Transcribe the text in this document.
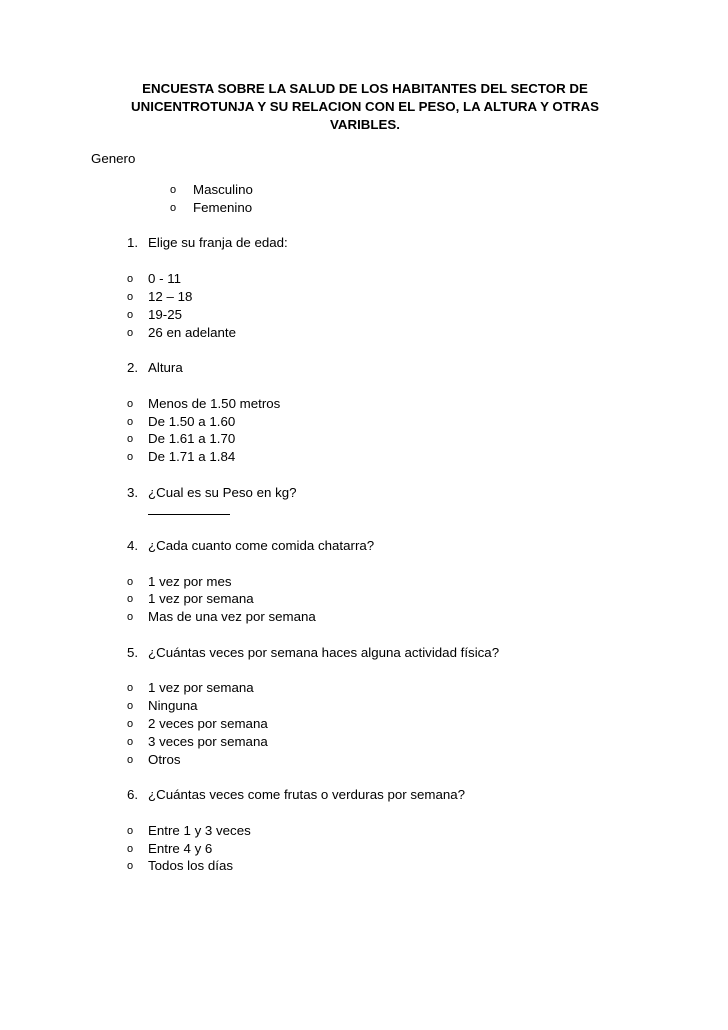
ENCUESTA SOBRE LA SALUD DE LOS HABITANTES DEL SECTOR DE
UNICENTROTUNJA Y SU RELACION CON EL PESO, LA ALTURA Y OTRAS
VARIBLES.
Genero
o Masculino
o Femenino
1. Elige su franja de edad:
o 0 - 11
o 12 – 18
o 19-25
o 26 en adelante
2. Altura
o Menos de 1.50 metros
o De 1.50 a 1.60
o De 1.61 a 1.70
o De 1.71 a 1.84
3. ¿Cual es su Peso en kg?
4. ¿Cada cuanto come comida chatarra?
o 1 vez por mes
o 1 vez por semana
o Mas de una vez por semana
5. ¿Cuántas veces por semana haces alguna actividad física?
o 1 vez por semana
o Ninguna
o 2 veces por semana
o 3 veces por semana
o Otros
6. ¿Cuántas veces come frutas o verduras por semana?
o Entre 1 y 3 veces
o Entre 4 y 6
o Todos los días
